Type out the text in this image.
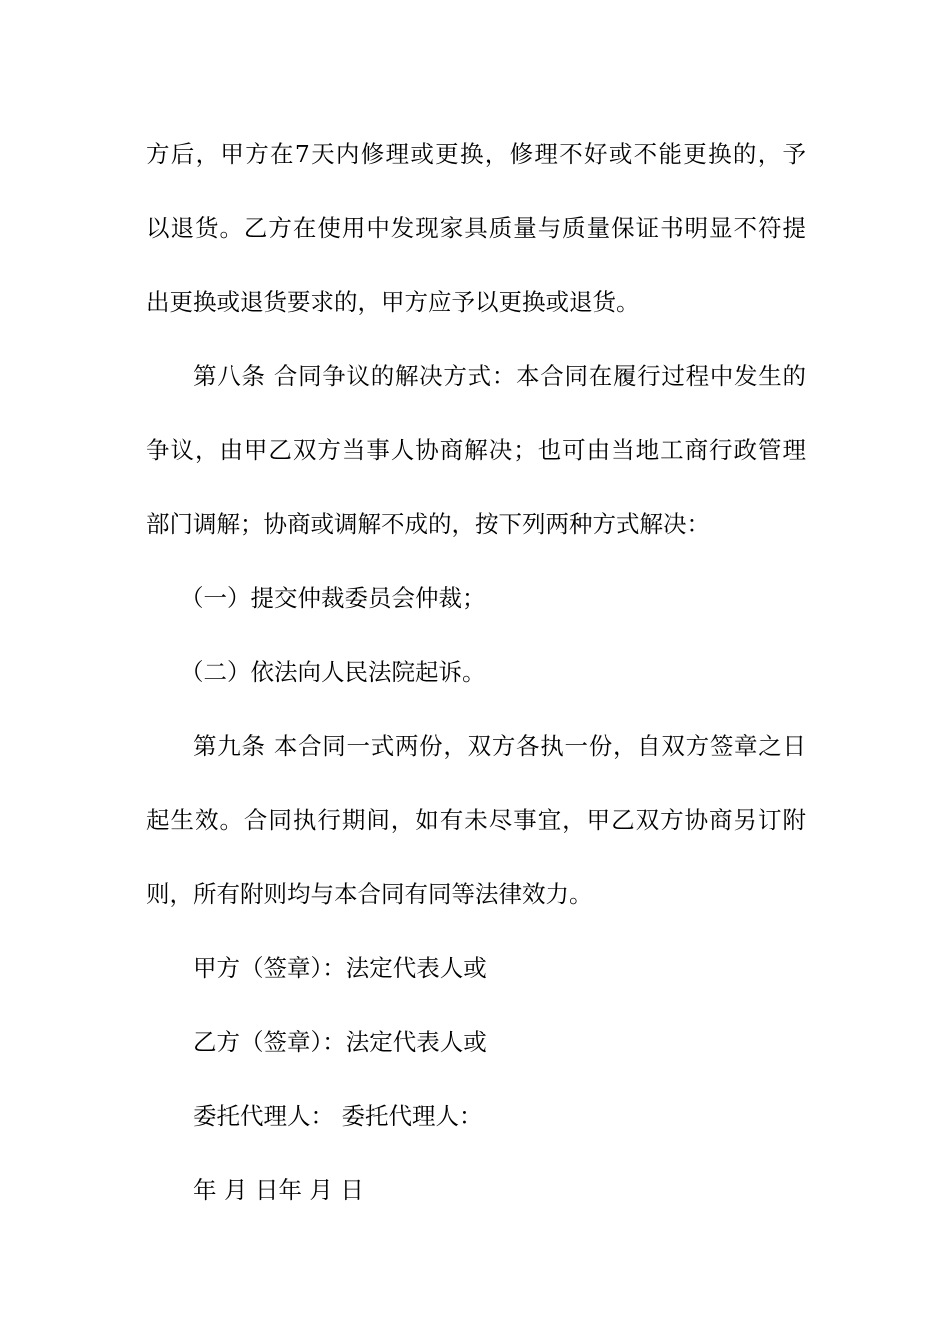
方后，甲方在7天内修理或更换，修理不好或不能更换的，予
以退货。乙方在使用中发现家具质量与质量保证书明显不符提
出更换或退货要求的，甲方应予以更换或退货。
第八条 合同争议的解决方式：本合同在履行过程中发生的
争议，由甲乙双方当事人协商解决；也可由当地工商行政管理
部门调解；协商或调解不成的，按下列两种方式解决：
（一）提交仲裁委员会仲裁；
（二）依法向人民法院起诉。
第九条 本合同一式两份，双方各执一份，自双方签章之日
起生效。合同执行期间，如有未尽事宜，甲乙双方协商另订附
则，所有附则均与本合同有同等法律效力。
甲方（签章）：法定代表人或
乙方（签章）：法定代表人或
委托代理人： 委托代理人：
年 月 日年 月 日
